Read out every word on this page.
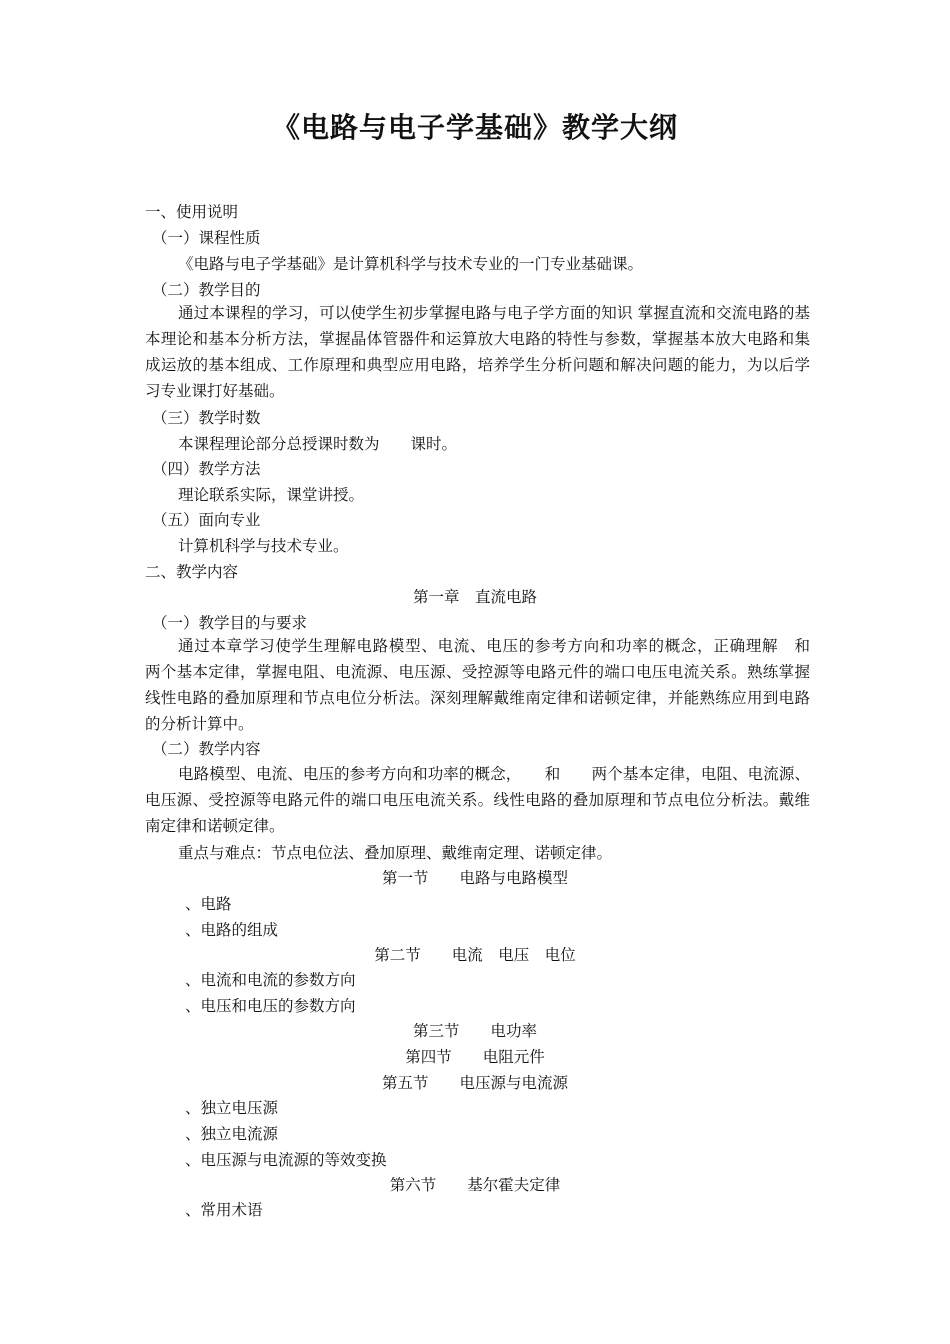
《电路与电子学基础》教学大纲
一、使用说明
（一）课程性质
《电路与电子学基础》是计算机科学与技术专业的一门专业基础课。
（二）教学目的
通过本课程的学习，可以使学生初步掌握电路与电子学方面的知识 掌握直流和交流电路的基本理论和基本分析方法，掌握晶体管器件和运算放大电路的特性与参数，掌握基本放大电路和集成运放的基本组成、工作原理和典型应用电路，培养学生分析问题和解决问题的能力，为以后学习专业课打好基础。
（三）教学时数
本课程理论部分总授课时数为　　课时。
（四）教学方法
理论联系实际，课堂讲授。
（五）面向专业
计算机科学与技术专业。
二、教学内容
第一章　直流电路
（一）教学目的与要求
通过本章学习使学生理解电路模型、电流、电压的参考方向和功率的概念，正确理解　和　　两个基本定律，掌握电阻、电流源、电压源、受控源等电路元件的端口电压电流关系。熟练掌握线性电路的叠加原理和节点电位分析法。深刻理解戴维南定律和诺顿定律，并能熟练应用到电路的分析计算中。
（二）教学内容
电路模型、电流、电压的参考方向和功率的概念，　　和　　两个基本定律，电阻、电流源、电压源、受控源等电路元件的端口电压电流关系。线性电路的叠加原理和节点电位分析法。戴维南定律和诺顿定律。
重点与难点：节点电位法、叠加原理、戴维南定理、诺顿定律。
第一节　　电路与电路模型
、电路
、电路的组成
第二节　　电流　电压　电位
、电流和电流的参数方向
、电压和电压的参数方向
第三节　　电功率
第四节　　电阻元件
第五节　　电压源与电流源
、独立电压源
、独立电流源
、电压源与电流源的等效变换
第六节　　基尔霍夫定律
、常用术语
